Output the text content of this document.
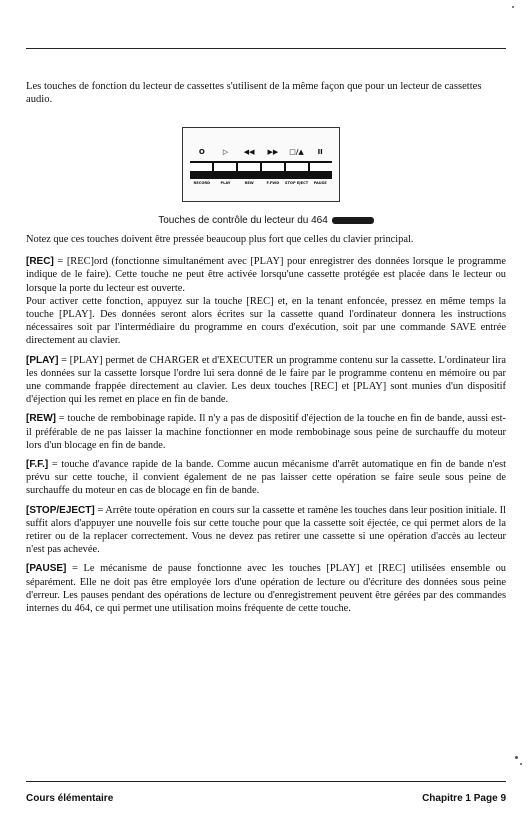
Les touches de fonction du lecteur de cassettes s'utilisent de la même façon que pour un lecteur de cassettes audio.

O	▷	◀◀	▶▶	□/▲	II
RECORD	PLAY	REW	F.FWD	STOP EJECT	PAUSE
Touches de contrôle du lecteur du 464

Notez que ces touches doivent être pressée beaucoup plus fort que celles du clavier principal.

[REC] = [REC]ord (fonctionne simultanément avec [PLAY] pour enregistrer des données lorsque le programme indique de le faire). Cette touche ne peut être activée lorsqu'une cassette protégée est placée dans le lecteur ou lorsque la porte du lecteur est ouverte.
Pour activer cette fonction, appuyez sur la touche [REC] et, en la tenant enfoncée, pressez en même temps la touche [PLAY]. Des données seront alors écrites sur la cassette quand l'ordinateur donnera les instructions nécessaires soit par l'intermédiaire du programme en cours d'exécution, soit par une commande SAVE entrée directement au clavier.

[PLAY] = [PLAY] permet de CHARGER et d'EXECUTER un programme contenu sur la cassette. L'ordinateur lira les données sur la cassette lorsque l'ordre lui sera donné de le faire par le programme contenu en mémoire ou par une commande frappée directement au clavier. Les deux touches [REC] et [PLAY] sont munies d'un dispositif d'éjection qui les remet en place en fin de bande.

[REW] = touche de rembobinage rapide. Il n'y a pas de dispositif d'éjection de la touche en fin de bande, aussi est-il préférable de ne pas laisser la machine fonctionner en mode rembobinage sous peine de surchauffe du moteur lors d'un blocage en fin de bande.

[F.F.] = touche d'avance rapide de la bande. Comme aucun mécanisme d'arrêt automatique en fin de bande n'est prévu sur cette touche, il convient également de ne pas laisser cette opération se faire seule sous peine de surchauffe du moteur en cas de blocage en fin de bande.

[STOP/EJECT] = Arrête toute opération en cours sur la cassette et ramène les touches dans leur position initiale. Il suffit alors d'appuyer une nouvelle fois sur cette touche pour que la cassette soit éjectée, ce qui permet alors de la retirer ou de la replacer correctement. Vous ne devez pas retirer une cassette si une opération d'accès au lecteur n'est pas achevée.

[PAUSE] = Le mécanisme de pause fonctionne avec les touches [PLAY] et [REC] utilisées ensemble ou séparément. Elle ne doit pas être employée lors d'une opération de lecture ou d'écriture des données sous peine d'erreur. Les pauses pendant des opérations de lecture ou d'enregistrement peuvent être gérées par des commandes internes du 464, ce qui permet une utilisation moins fréquente de cette touche.

Cours élémentaire	Chapitre 1 Page 9
